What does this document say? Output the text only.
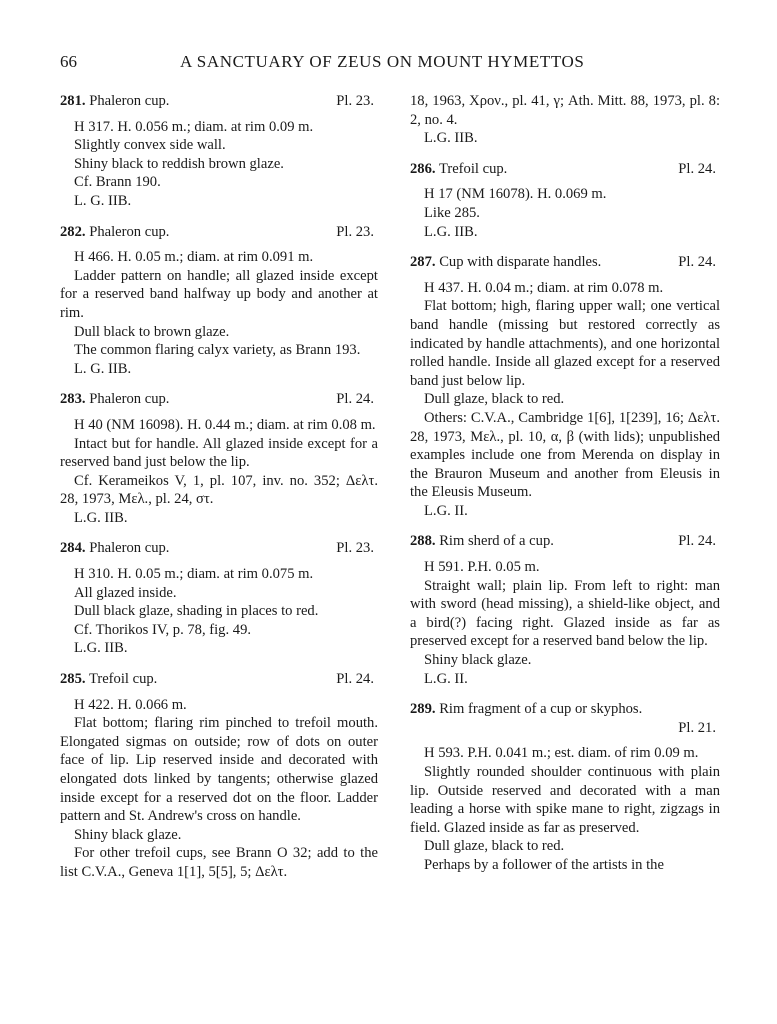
66	A SANCTUARY OF ZEUS ON MOUNT HYMETTOS
281. Phaleron cup.	Pl. 23.

H 317. H. 0.056 m.; diam. at rim 0.09 m.

Slightly convex side wall.

Shiny black to reddish brown glaze.

Cf. Brann 190.

L. G. IIB.

282. Phaleron cup.	Pl. 23.

H 466. H. 0.05 m.; diam. at rim 0.091 m.

Ladder pattern on handle; all glazed inside except for a reserved band halfway up body and another at rim.

Dull black to brown glaze.

The common flaring calyx variety, as Brann 193.

L. G. IIB.

283. Phaleron cup.	Pl. 24.

H 40 (NM 16098). H. 0.44 m.; diam. at rim 0.08 m.

Intact but for handle. All glazed inside except for a reserved band just below the lip.

Cf. Kerameikos V, 1, pl. 107, inv. no. 352; Δελτ. 28, 1973, Μελ., pl. 24, στ.

L.G. IIB.

284. Phaleron cup.	Pl. 23.

H 310. H. 0.05 m.; diam. at rim 0.075 m.

All glazed inside.

Dull black glaze, shading in places to red.

Cf. Thorikos IV, p. 78, fig. 49.

L.G. IIB.

285. Trefoil cup.	Pl. 24.

H 422. H. 0.066 m.

Flat bottom; flaring rim pinched to trefoil mouth. Elongated sigmas on outside; row of dots on outer face of lip. Lip reserved inside and decorated with elongated dots linked by tangents; otherwise glazed inside except for a reserved dot on the floor. Ladder pattern and St. Andrew's cross on handle.

Shiny black glaze.

For other trefoil cups, see Brann O 32; add to the list C.V.A., Geneva 1[1], 5[5], 5; Δελτ.

18, 1963, Χρον., pl. 41, γ; Ath. Mitt. 88, 1973, pl. 8: 2, no. 4.

L.G. IIB.

286. Trefoil cup.	Pl. 24.

H 17 (NM 16078). H. 0.069 m.

Like 285.

L.G. IIB.

287. Cup with disparate handles.	Pl. 24.

H 437. H. 0.04 m.; diam. at rim 0.078 m.

Flat bottom; high, flaring upper wall; one vertical band handle (missing but restored correctly as indicated by handle attachments), and one horizontal rolled handle. Inside all glazed except for a reserved band just below lip.

Dull glaze, black to red.

Others: C.V.A., Cambridge 1[6], 1[239], 16; Δελτ. 28, 1973, Μελ., pl. 10, α, β (with lids); unpublished examples include one from Merenda on display in the Brauron Museum and another from Eleusis in the Eleusis Museum.

L.G. II.

288. Rim sherd of a cup.	Pl. 24.

H 591. P.H. 0.05 m.

Straight wall; plain lip. From left to right: man with sword (head missing), a shield-like object, and a bird(?) facing right. Glazed inside as far as preserved except for a reserved band below the lip.

Shiny black glaze.

L.G. II.

289. Rim fragment of a cup or skyphos.
Pl. 21.

H 593. P.H. 0.041 m.; est. diam. of rim 0.09 m.

Slightly rounded shoulder continuous with plain lip. Outside reserved and decorated with a man leading a horse with spike mane to right, zigzags in field. Glazed inside as far as preserved.

Dull glaze, black to red.

Perhaps by a follower of the artists in the
